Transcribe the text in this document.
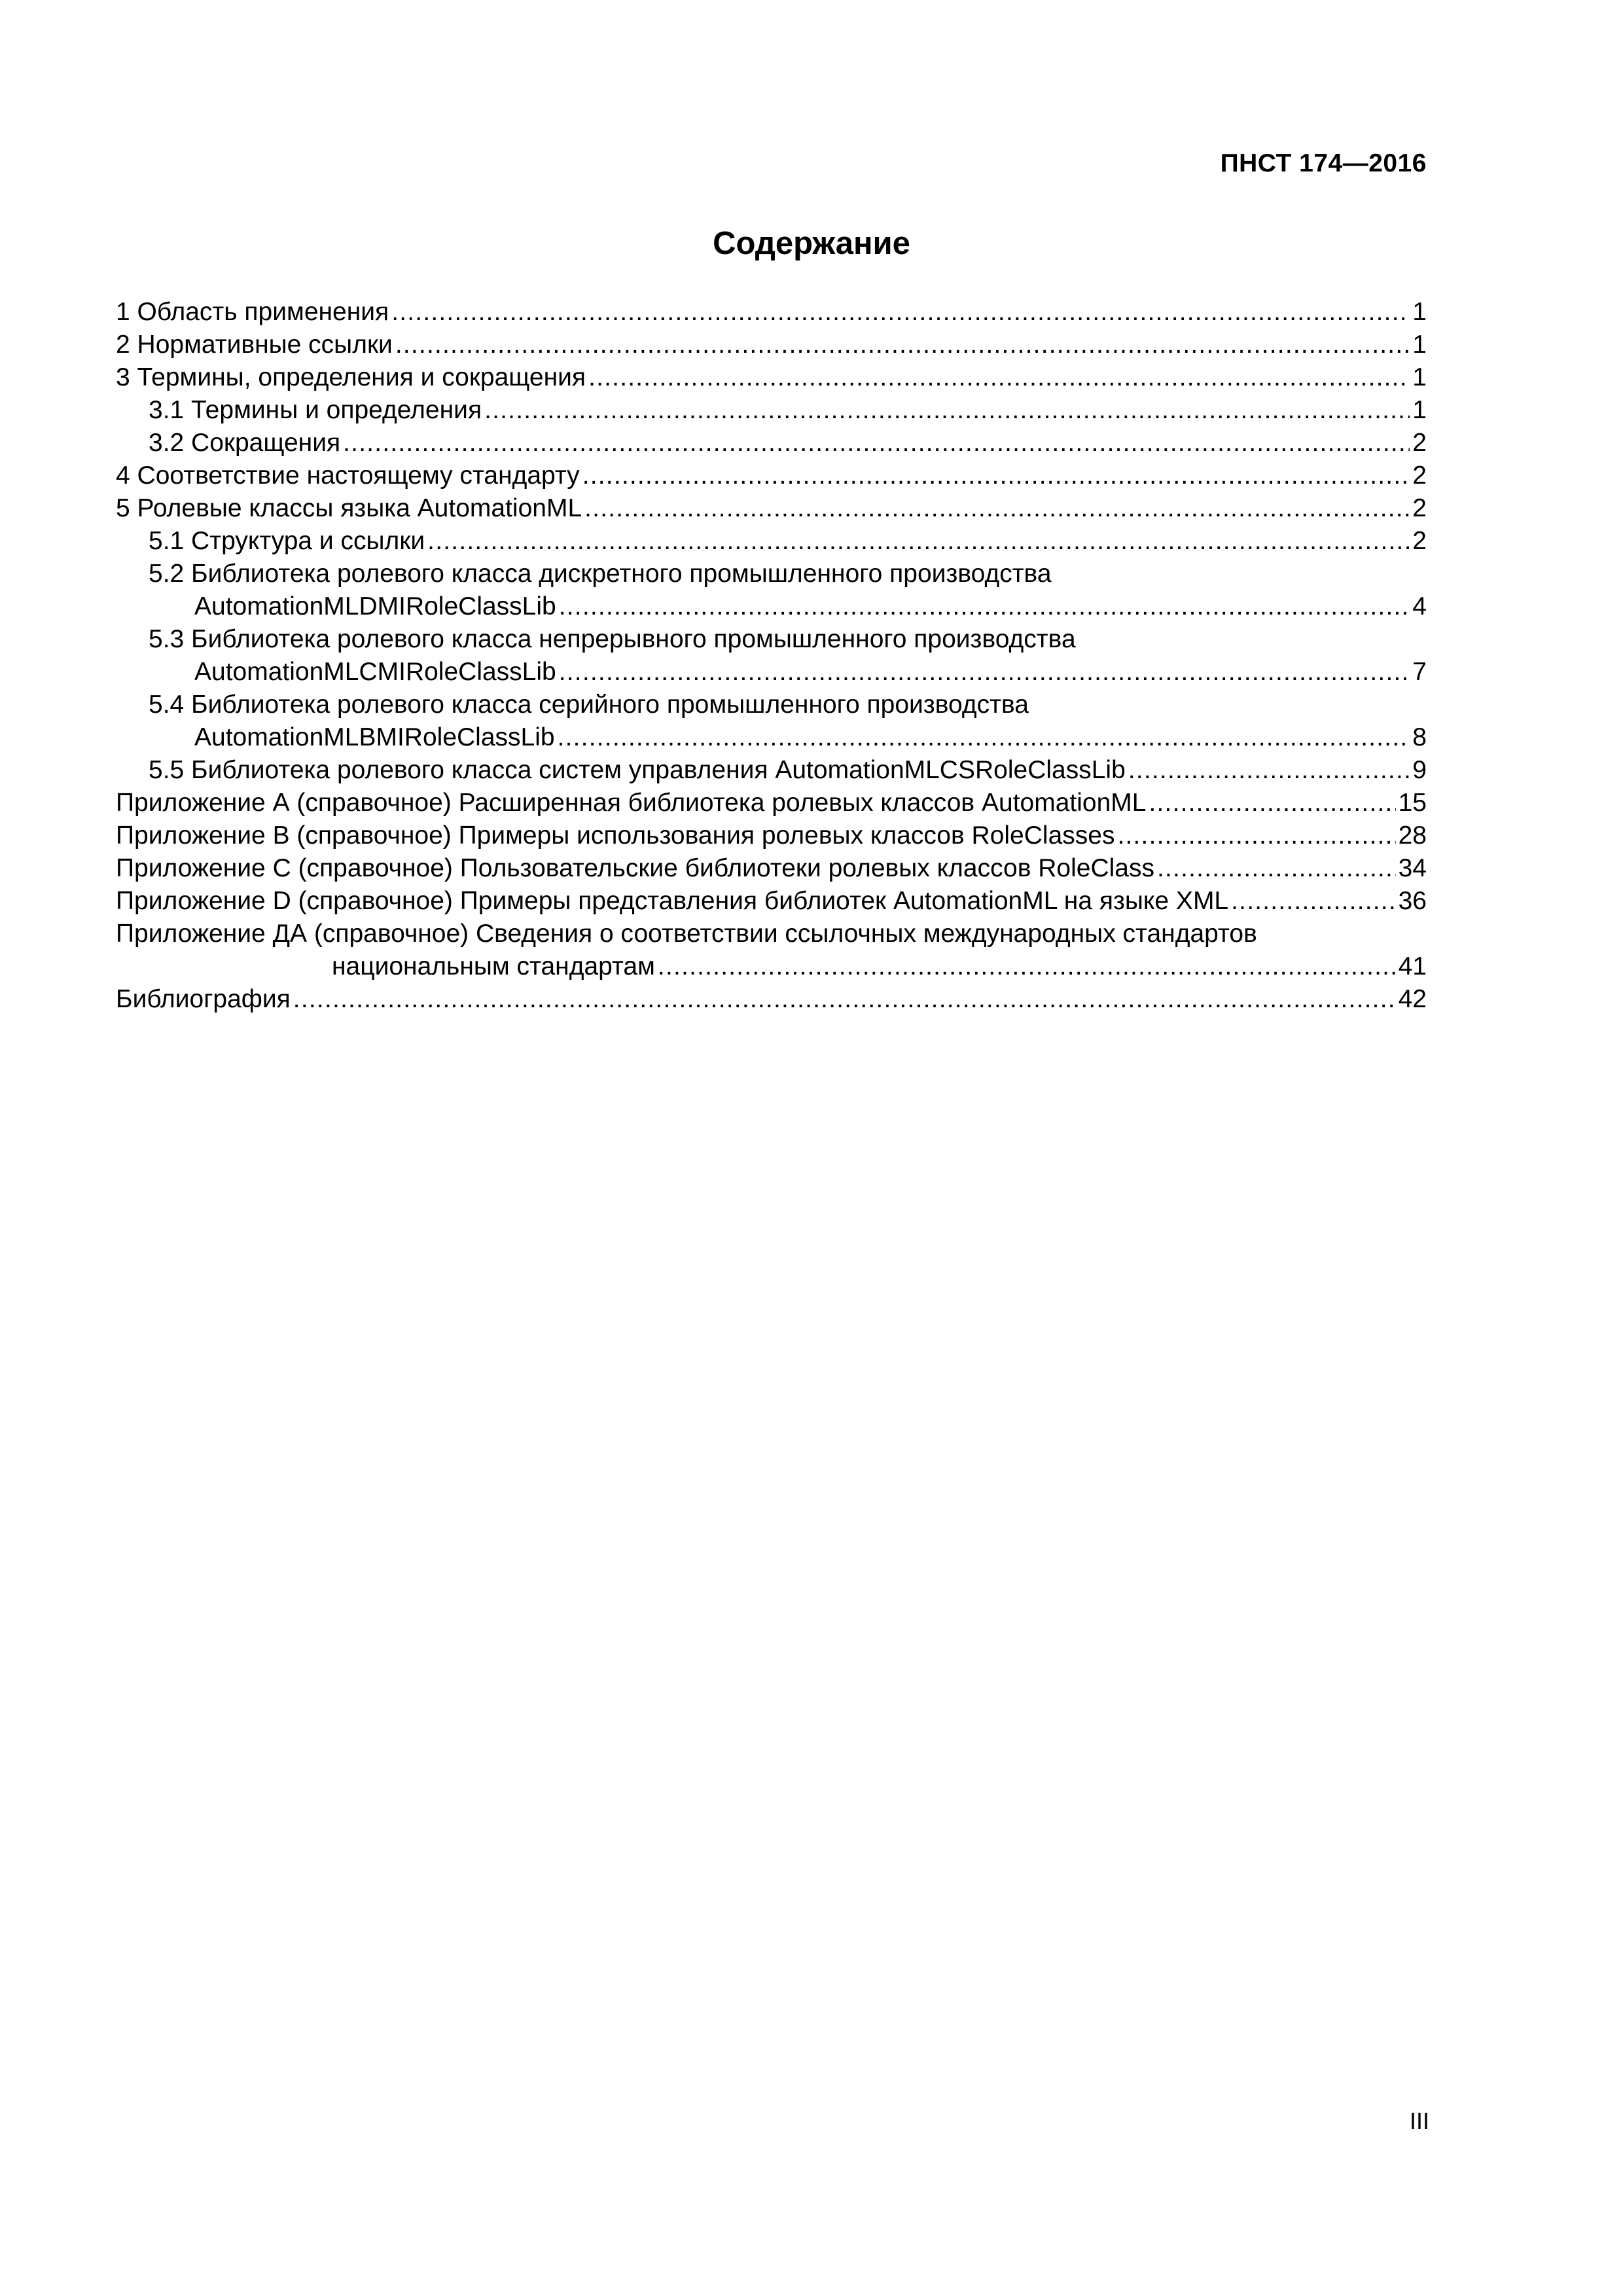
ПНСТ 174—2016
Содержание
1 Область применения .....	1
2 Нормативные ссылки .....	1
3 Термины, определения и сокращения .....	1
3.1 Термины и определения .....	1
3.2 Сокращения .....	2
4 Соответствие настоящему стандарту .....	2
5 Ролевые классы языка AutomationML .....	2
5.1 Структура и ссылки .....	2
5.2 Библиотека ролевого класса дискретного промышленного производства
AutomationMLDMIRoleClassLib .....	4
5.3 Библиотека ролевого класса непрерывного промышленного производства
AutomationMLCMIRoleClassLib .....	7
5.4 Библиотека ролевого класса серийного промышленного производства
AutomationMLBMIRoleClassLib .....	8
5.5 Библиотека ролевого класса систем управления AutomationMLCSRoleClassLib .....	9
Приложение А (справочное) Расширенная библиотека ролевых классов AutomationML .....	15
Приложение В (справочное) Примеры использования ролевых классов RoleClasses .....	28
Приложение С (справочное) Пользовательские библиотеки ролевых классов RoleClass .....	34
Приложение D (справочное) Примеры представления библиотек AutomationML на языке XML .....	36
Приложение ДА (справочное) Сведения о соответствии ссылочных международных стандартов
национальным стандартам .....	41
Библиография .....	42
III
